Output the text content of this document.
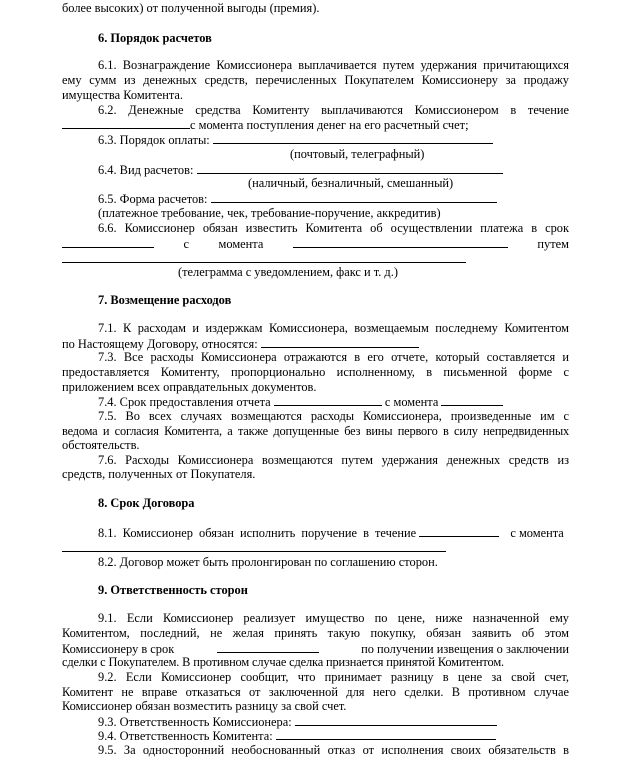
более высоких) от полученной выгоды (премия).
6. Порядок расчетов
6.1. Вознаграждение Комиссионера выплачивается путем удержания причитающихся
ему сумм из денежных средств, перечисленных Покупателем Комиссионеру за продажу
имущества Комитента.
6.2. Денежные средства Комитенту выплачиваются Комиссионером в течение
с момента поступления денег на его расчетный счет;
6.3. Порядок оплаты:
(почтовый, телеграфный)
6.4. Вид расчетов:
(наличный, безналичный, смешанный)
6.5. Форма расчетов:
(платежное требование, чек, требование-поручение, аккредитив)
6.6. Комиссионер обязан известить Комитента об осуществлении платежа в срок
с момента	путем
(телеграмма с уведомлением, факс и т. д.)
7. Возмещение расходов
7.1. К расходам и издержкам Комиссионера, возмещаемым последнему Комитентом
по Настоящему Договору, относятся:
7.3. Все расходы Комиссионера отражаются в его отчете, который составляется и
предоставляется Комитенту, пропорционально исполненному, в письменной форме с
приложением всех оправдательных документов.
7.4. Срок предоставления отчета	с момента
7.5. Во всех случаях возмещаются расходы Комиссионера, произведенные им с
ведома и согласия Комитента, а также допущенные без вины первого в силу непредвиденных
обстоятельств.
7.6. Расходы Комиссионера возмещаются путем удержания денежных средств из
средств, полученных от Покупателя.
8. Срок Договора
8.1. Комиссионер обязан исполнить поручение в течение	с момента
8.2. Договор может быть пролонгирован по соглашению сторон.
9. Ответственность сторон
9.1. Если Комиссионер реализует имущество по цене, ниже назначенной ему
Комитентом, последний, не желая принять такую покупку, обязан заявить об этом
Комиссионеру в срок	по получении извещения о заключении
сделки с Покупателем. В противном случае сделка признается принятой Комитентом.
9.2. Если Комиссионер сообщит, что принимает разницу в цене за свой счет,
Комитент не вправе отказаться от заключенной для него сделки. В противном случае
Комиссионер обязан возместить разницу за свой счет.
9.3. Ответственность Комиссионера:
9.4. Ответственность Комитента:
9.5. За односторонний необоснованный отказ от исполнения своих обязательств в
